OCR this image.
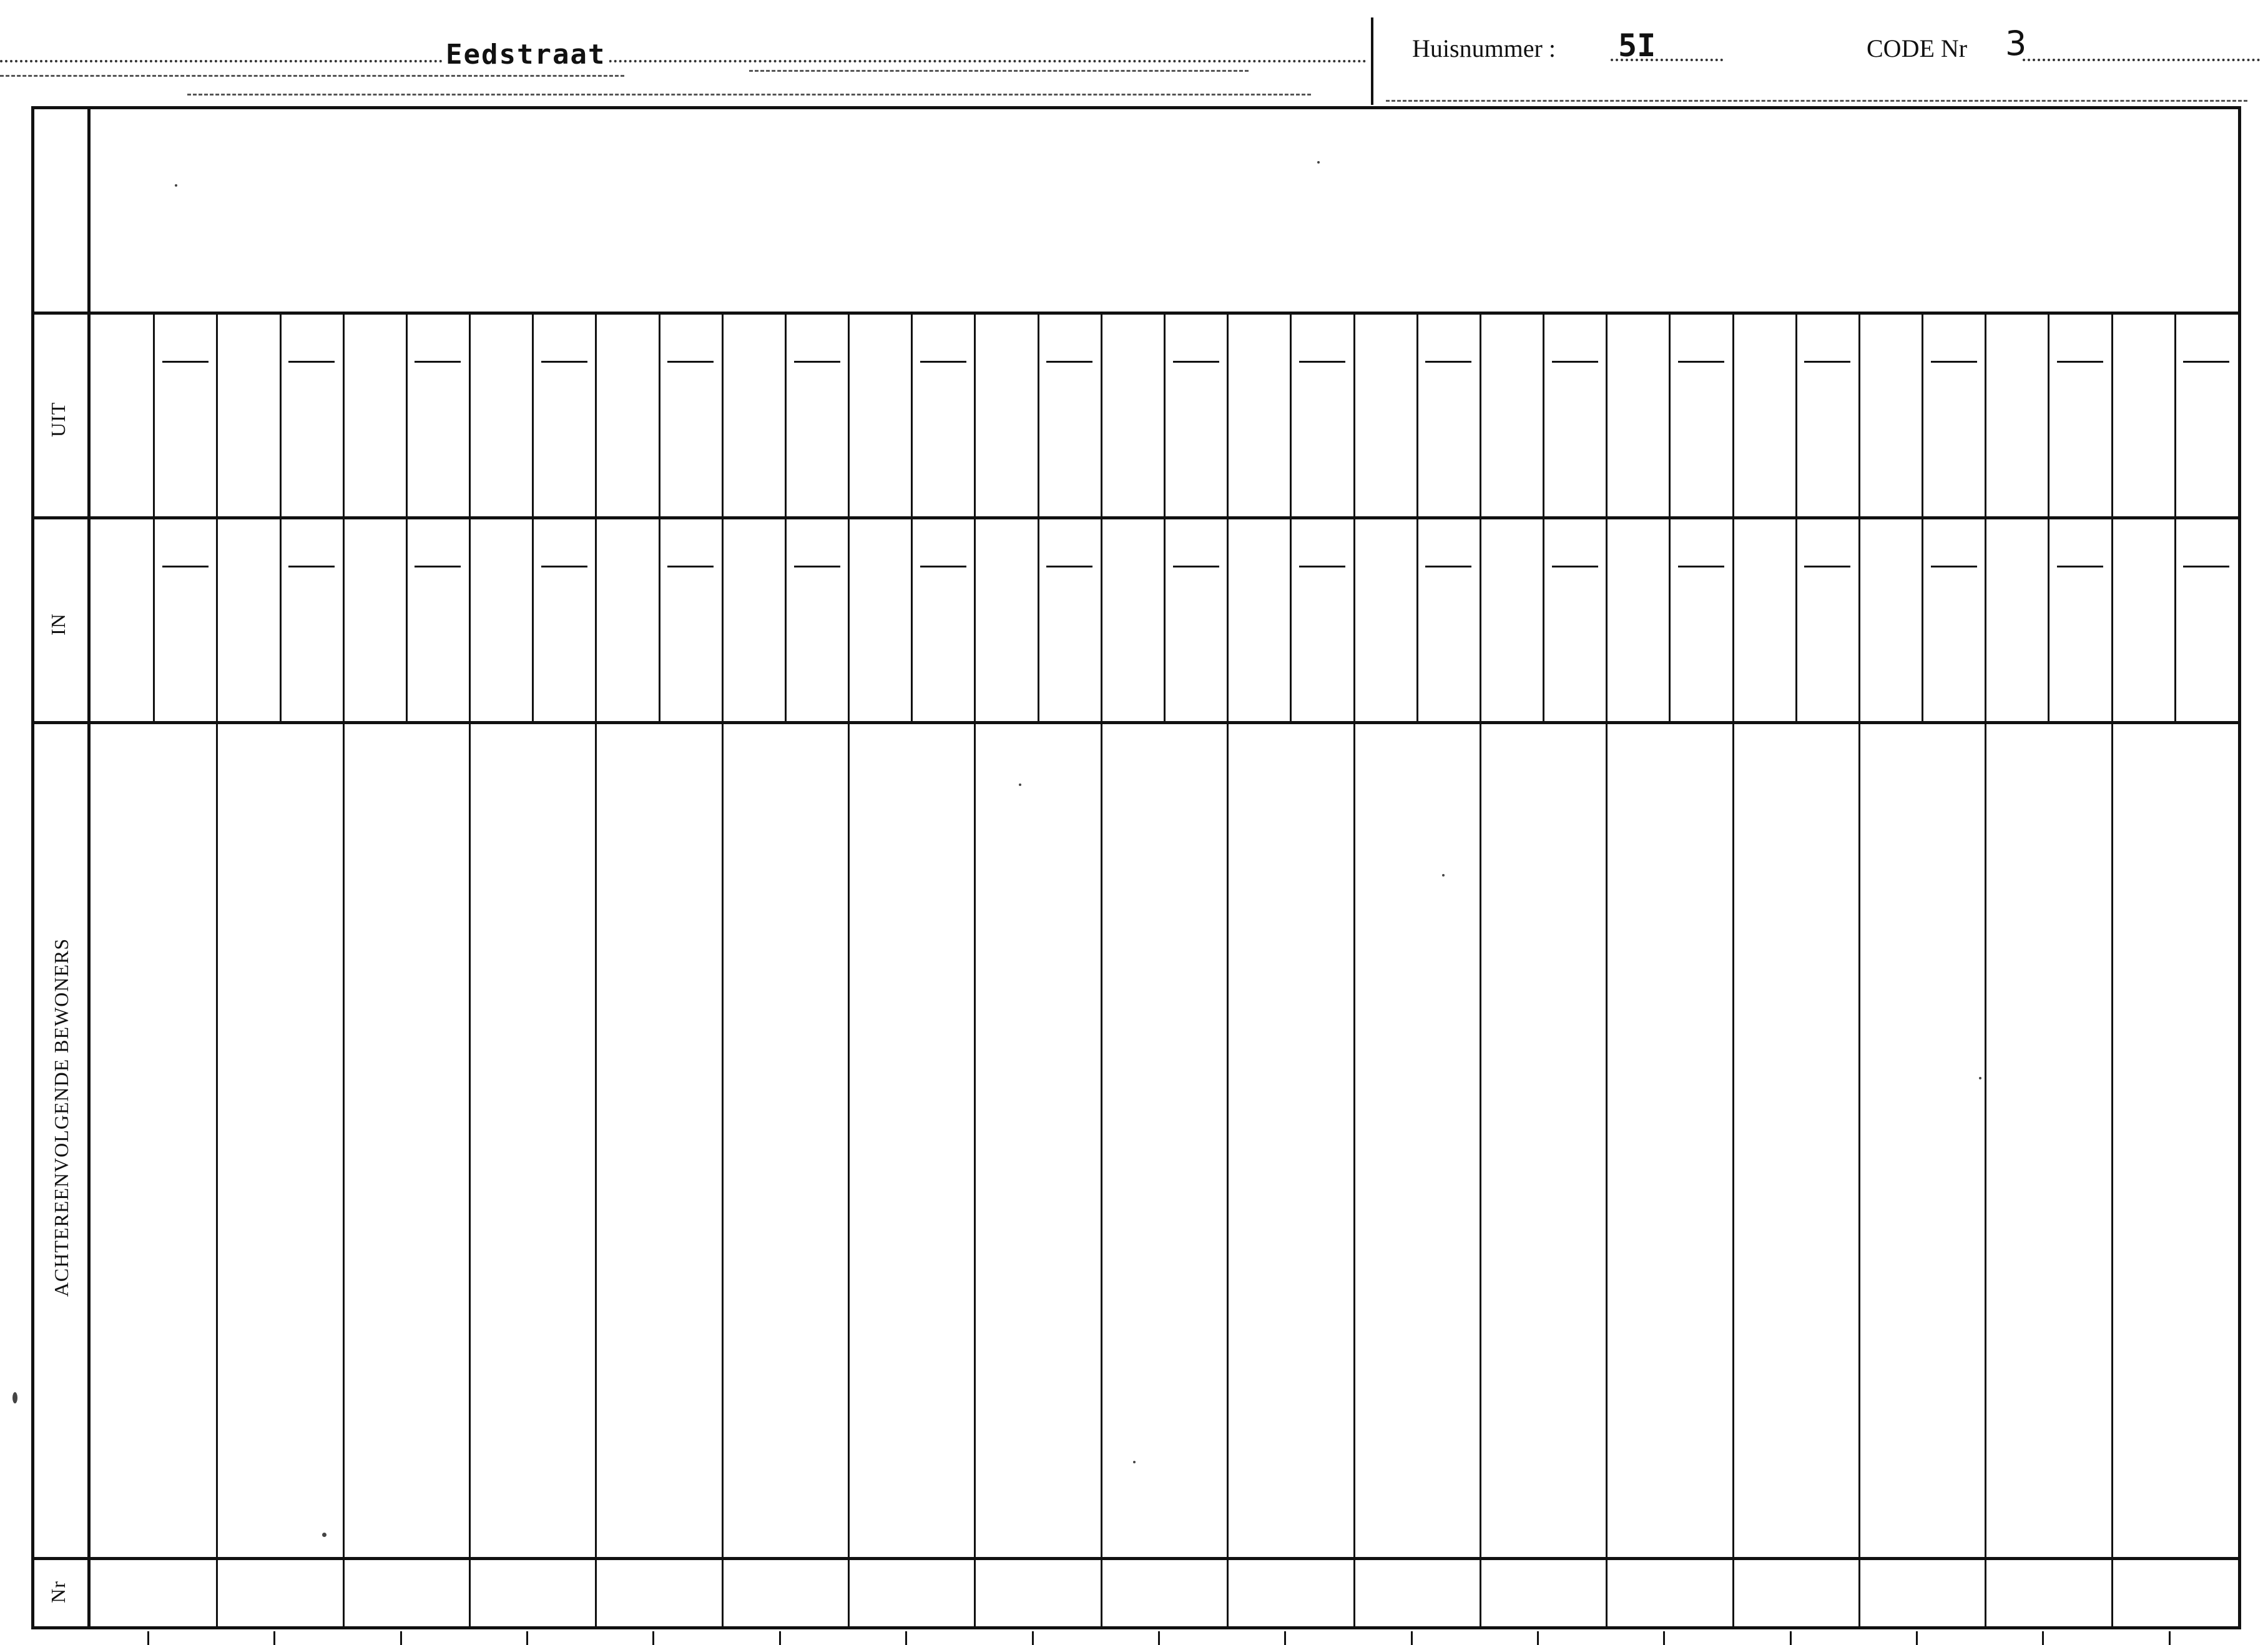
Eedstraat	Huisnummer : 5I	CODE Nr 3
UIT
IN
ACHTEREENVOLGENDE BEWONERS
Nr
